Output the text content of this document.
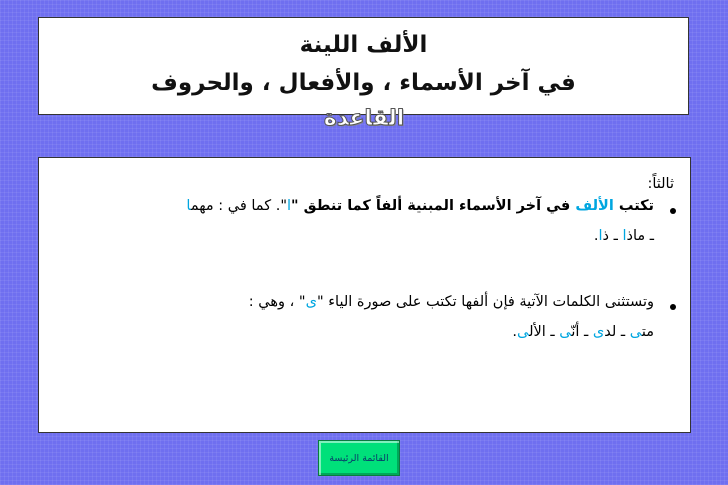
الألف اللينة
في آخر الأسماء ، والأفعال ، والحروف
القاعدة
ثالثاً:
تكتب الألف في آخر الأسماء المبنية ألفاً كما تنطق "ا". كما في : مهما
ـ ماذا ـ ذا.
وتستثنى الكلمات الآتية فإن ألفها تكتب على صورة الياء "ى" ، وهي :
متى ـ لدى ـ أنّى ـ الألى.
القائمة الرئيسة
